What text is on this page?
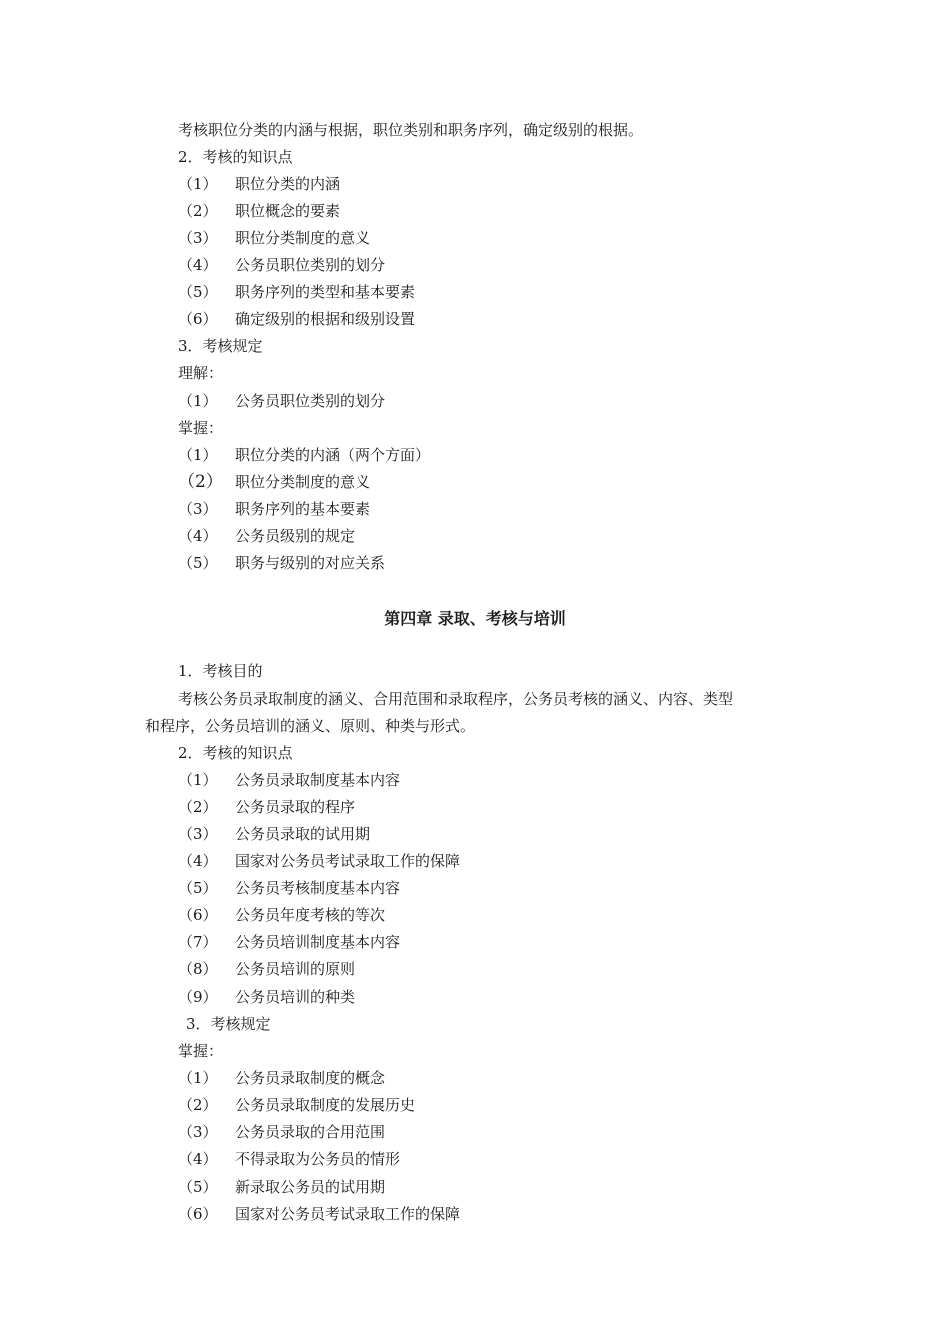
考核职位分类的内涵与根据，职位类别和职务序列，确定级别的根据。
2．考核的知识点
（1） 职位分类的内涵
（2） 职位概念的要素
（3） 职位分类制度的意义
（4） 公务员职位类别的划分
（5） 职务序列的类型和基本要素
（6） 确定级别的根据和级别设置
3．考核规定
理解：
（1） 公务员职位类别的划分
掌握：
（1） 职位分类的内涵（两个方面）
（2） 职位分类制度的意义
（3） 职务序列的基本要素
（4） 公务员级别的规定
（5） 职务与级别的对应关系
第四章 录取、考核与培训
1．考核目的
考核公务员录取制度的涵义、合用范围和录取程序，公务员考核的涵义、内容、类型
和程序，公务员培训的涵义、原则、种类与形式。
2．考核的知识点
（1） 公务员录取制度基本内容
（2） 公务员录取的程序
（3） 公务员录取的试用期
（4） 国家对公务员考试录取工作的保障
（5） 公务员考核制度基本内容
（6） 公务员年度考核的等次
（7） 公务员培训制度基本内容
（8） 公务员培训的原则
（9） 公务员培训的种类
3．考核规定
掌握：
（1） 公务员录取制度的概念
（2） 公务员录取制度的发展历史
（3） 公务员录取的合用范围
（4） 不得录取为公务员的情形
（5） 新录取公务员的试用期
（6） 国家对公务员考试录取工作的保障
